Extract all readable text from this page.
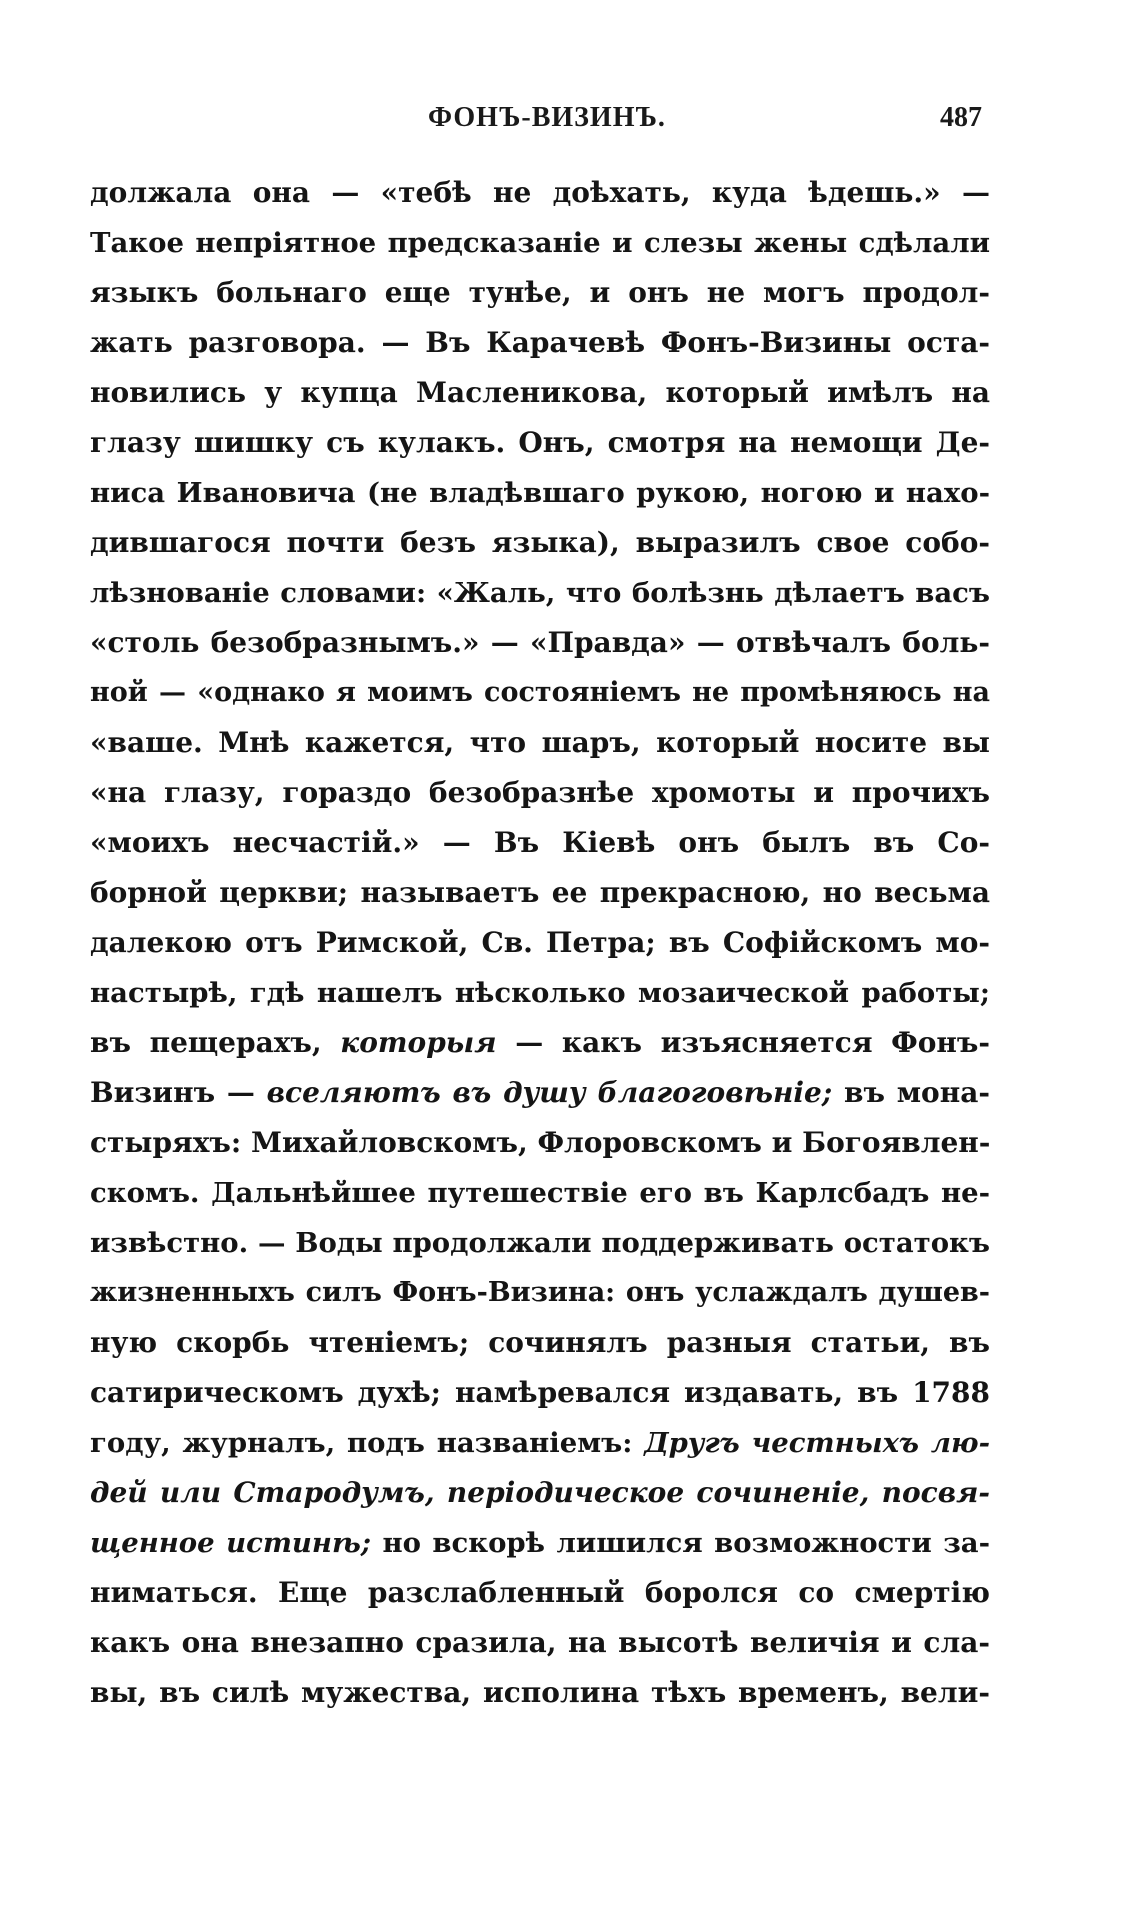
ФОНЪ-ВИЗИНЪ.	487
должала она — «тебѣ не доѣхать, куда ѣдешь.» —
Такое непріятное предсказаніе и слезы жены сдѣлали
языкъ больнаго еще тунѣе, и онъ не могъ продол-
жать разговора. — Въ Карачевѣ Фонъ-Визины оста-
новились у купца Масленикова, который имѣлъ на
глазу шишку съ кулакъ. Онъ, смотря на немощи Де-
ниса Ивановича (не владѣвшаго рукою, ногою и нахо-
дившагося почти безъ языка), выразилъ свое собо-
лѣзнованіе словами: «Жаль, что болѣзнь дѣлаетъ васъ
«столь безобразнымъ.» — «Правда» — отвѣчалъ боль-
ной — «однако я моимъ состояніемъ не промѣняюсь на
«ваше. Мнѣ кажется, что шаръ, который носите вы
«на глазу, гораздо безобразнѣе хромоты и прочихъ
«моихъ несчастій.» — Въ Кіевѣ онъ былъ въ Со-
борной церкви; называетъ ее прекрасною, но весьма
далекою отъ Римской, Св. Петра; въ Софійскомъ мо-
настырѣ, гдѣ нашелъ нѣсколько мозаической работы;
въ пещерахъ, которыя — какъ изъясняется Фонъ-
Визинъ — вселяютъ въ душу благоговѣніе; въ мона-
стыряхъ: Михайловскомъ, Флоровскомъ и Богоявлен-
скомъ. Дальнѣйшее путешествіе его въ Карлсбадъ не-
извѣстно. — Воды продолжали поддерживать остатокъ
жизненныхъ силъ Фонъ-Визина: онъ услаждалъ душев-
ную скорбь чтеніемъ; сочинялъ разныя статьи, въ
сатирическомъ духѣ; намѣревался издавать, въ 1788
году, журналъ, подъ названіемъ: Другъ честныхъ лю-
дей или Стародумъ, періодическое сочиненіе, посвя-
щенное истинѣ; но вскорѣ лишился возможности за-
ниматься. Еще разслабленный боролся со смертію
какъ она внезапно сразила, на высотѣ величія и сла-
вы, въ силѣ мужества, исполина тѣхъ временъ, вели-
